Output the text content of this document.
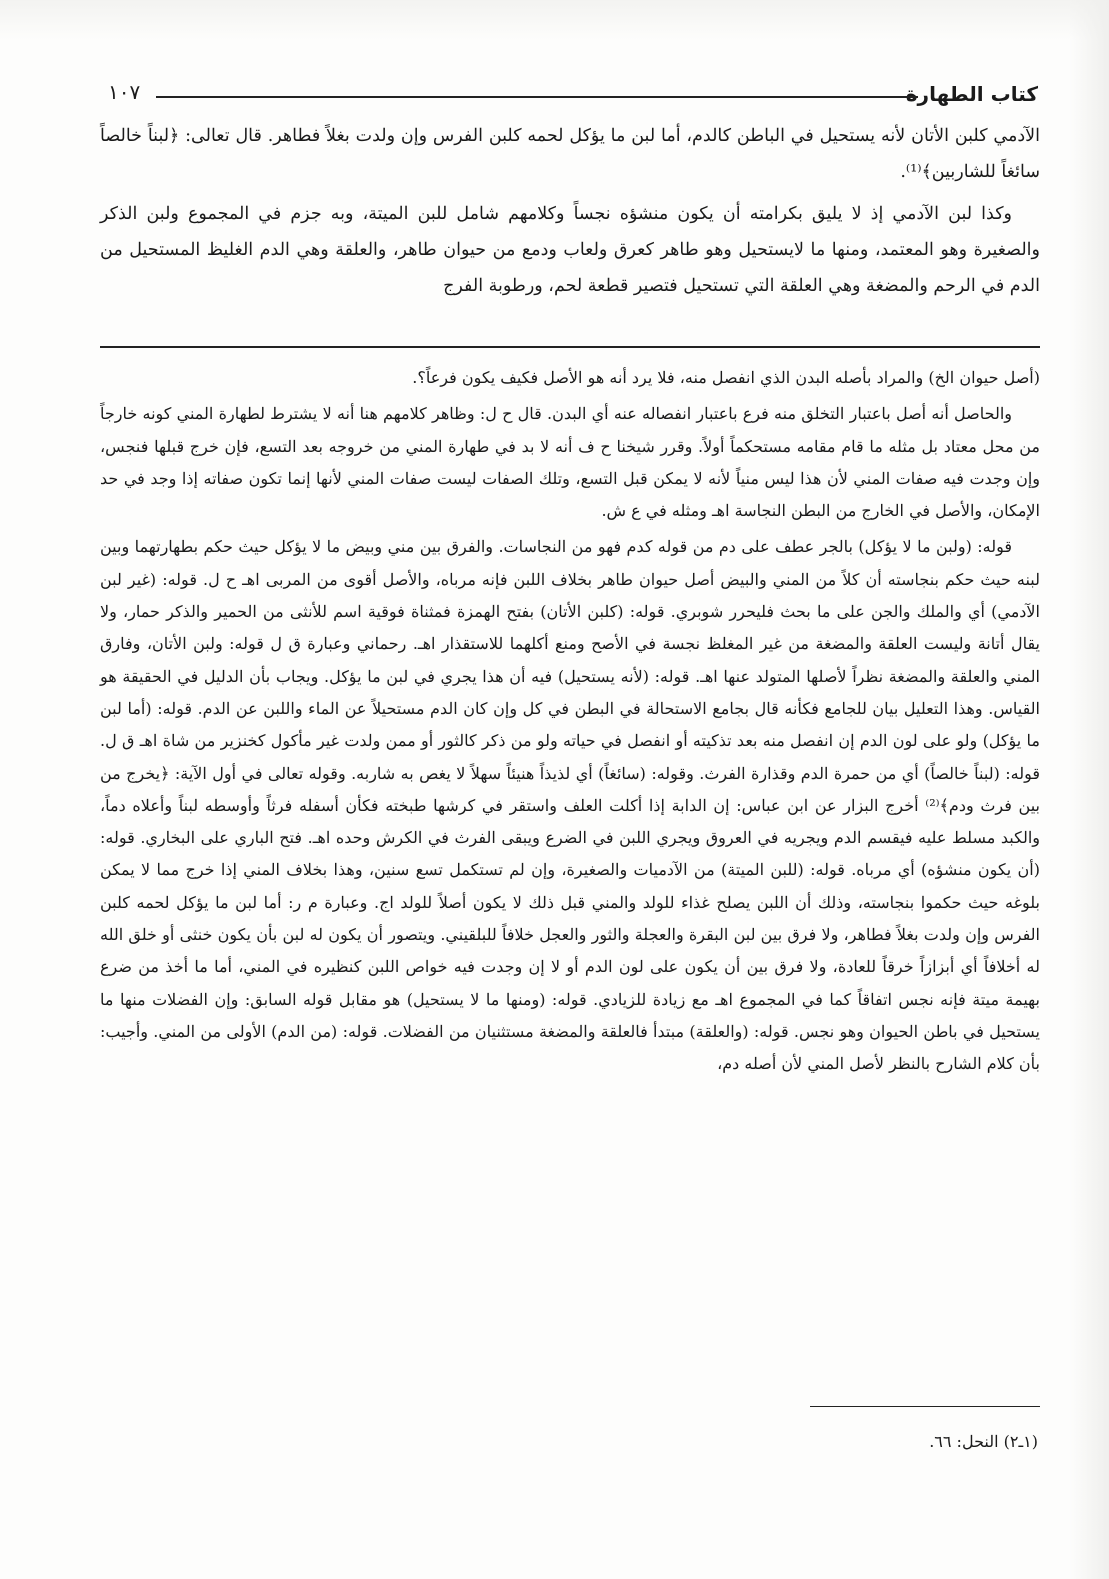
كتاب الطهارة
١٠٧

الآدمي كلبن الأتان لأنه يستحيل في الباطن كالدم، أما لبن ما يؤكل لحمه كلبن الفرس وإن ولدت بغلاً فطاهر. قال تعالى: ﴿لبناً خالصاً سائغاً للشاربين﴾⁽¹⁾.

وكذا لبن الآدمي إذ لا يليق بكرامته أن يكون منشؤه نجساً وكلامهم شامل للبن الميتة، وبه جزم في المجموع ولبن الذكر والصغيرة وهو المعتمد، ومنها ما لايستحيل وهو طاهر كعرق ولعاب ودمع من حيوان طاهر، والعلقة وهي الدم الغليظ المستحيل من الدم في الرحم والمضغة وهي العلقة التي تستحيل فتصير قطعة لحم، ورطوبة الفرج

(أصل حيوان الخ) والمراد بأصله البدن الذي انفصل منه، فلا يرد أنه هو الأصل فكيف يكون فرعاً؟.

والحاصل أنه أصل باعتبار التخلق منه فرع باعتبار انفصاله عنه أي البدن. قال ح ل: وظاهر كلامهم هنا أنه لا يشترط لطهارة المني كونه خارجاً من محل معتاد بل مثله ما قام مقامه مستحكماً أولاً. وقرر شيخنا ح ف أنه لا بد في طهارة المني من خروجه بعد التسع، فإن خرج قبلها فنجس، وإن وجدت فيه صفات المني لأن هذا ليس منياً لأنه لا يمكن قبل التسع، وتلك الصفات ليست صفات المني لأنها إنما تكون صفاته إذا وجد في حد الإمكان، والأصل في الخارج من البطن النجاسة اهـ ومثله في ع ش.

قوله: (ولبن ما لا يؤكل) بالجر عطف على دم من قوله كدم فهو من النجاسات. والفرق بين مني وبيض ما لا يؤكل حيث حكم بطهارتهما وبين لبنه حيث حكم بنجاسته أن كلاً من المني والبيض أصل حيوان طاهر بخلاف اللبن فإنه مرباه، والأصل أقوى من المربى اهـ ح ل. قوله: (غير لبن الآدمي) أي والملك والجن على ما بحث فليحرر شوبري. قوله: (كلبن الأتان) بفتح الهمزة فمثناة فوقية اسم للأنثى من الحمير والذكر حمار، ولا يقال أتانة وليست العلقة والمضغة من غير المغلظ نجسة في الأصح ومنع أكلهما للاستقذار اهـ. رحماني وعبارة ق ل قوله: ولبن الأتان، وفارق المني والعلقة والمضغة نظراً لأصلها المتولد عنها اهـ. قوله: (لأنه يستحيل) فيه أن هذا يجري في لبن ما يؤكل. ويجاب بأن الدليل في الحقيقة هو القياس. وهذا التعليل بيان للجامع فكأنه قال بجامع الاستحالة في البطن في كل وإن كان الدم مستحيلاً عن الماء واللبن عن الدم. قوله: (أما لبن ما يؤكل) ولو على لون الدم إن انفصل منه بعد تذكيته أو انفصل في حياته ولو من ذكر كالثور أو ممن ولدت غير مأكول كخنزير من شاة اهـ ق ل. قوله: (لبناً خالصاً) أي من حمرة الدم وقذارة الفرث. وقوله: (سائغاً) أي لذيذاً هنيئاً سهلاً لا يغص به شاربه. وقوله تعالى في أول الآية: ﴿يخرج من بين فرث ودم﴾⁽²⁾ أخرج البزار عن ابن عباس: إن الدابة إذا أكلت العلف واستقر في كرشها طبخته فكأن أسفله فرثاً وأوسطه لبناً وأعلاه دماً، والكبد مسلط عليه فيقسم الدم ويجريه في العروق ويجري اللبن في الضرع ويبقى الفرث في الكرش وحده اهـ. فتح الباري على البخاري. قوله: (أن يكون منشؤه) أي مرباه. قوله: (للبن الميتة) من الآدميات والصغيرة، وإن لم تستكمل تسع سنين، وهذا بخلاف المني إذا خرج مما لا يمكن بلوغه حيث حكموا بنجاسته، وذلك أن اللبن يصلح غذاء للولد والمني قبل ذلك لا يكون أصلاً للولد اج. وعبارة م ر: أما لبن ما يؤكل لحمه كلبن الفرس وإن ولدت بغلاً فطاهر، ولا فرق بين لبن البقرة والعجلة والثور والعجل خلافاً للبلقيني. ويتصور أن يكون له لبن بأن يكون خنثى أو خلق الله له أخلافاً أي أبزازاً خرقاً للعادة، ولا فرق بين أن يكون على لون الدم أو لا إن وجدت فيه خواص اللبن كنظيره في المني، أما ما أخذ من ضرع بهيمة ميتة فإنه نجس اتفاقاً كما في المجموع اهـ مع زيادة للزيادي. قوله: (ومنها ما لا يستحيل) هو مقابل قوله السابق: وإن الفضلات منها ما يستحيل في باطن الحيوان وهو نجس. قوله: (والعلقة) مبتدأ فالعلقة والمضغة مستثنيان من الفضلات. قوله: (من الدم) الأولى من المني. وأجيب: بأن كلام الشارح بالنظر لأصل المني لأن أصله دم،

(١ـ٢) النحل: ٦٦.
